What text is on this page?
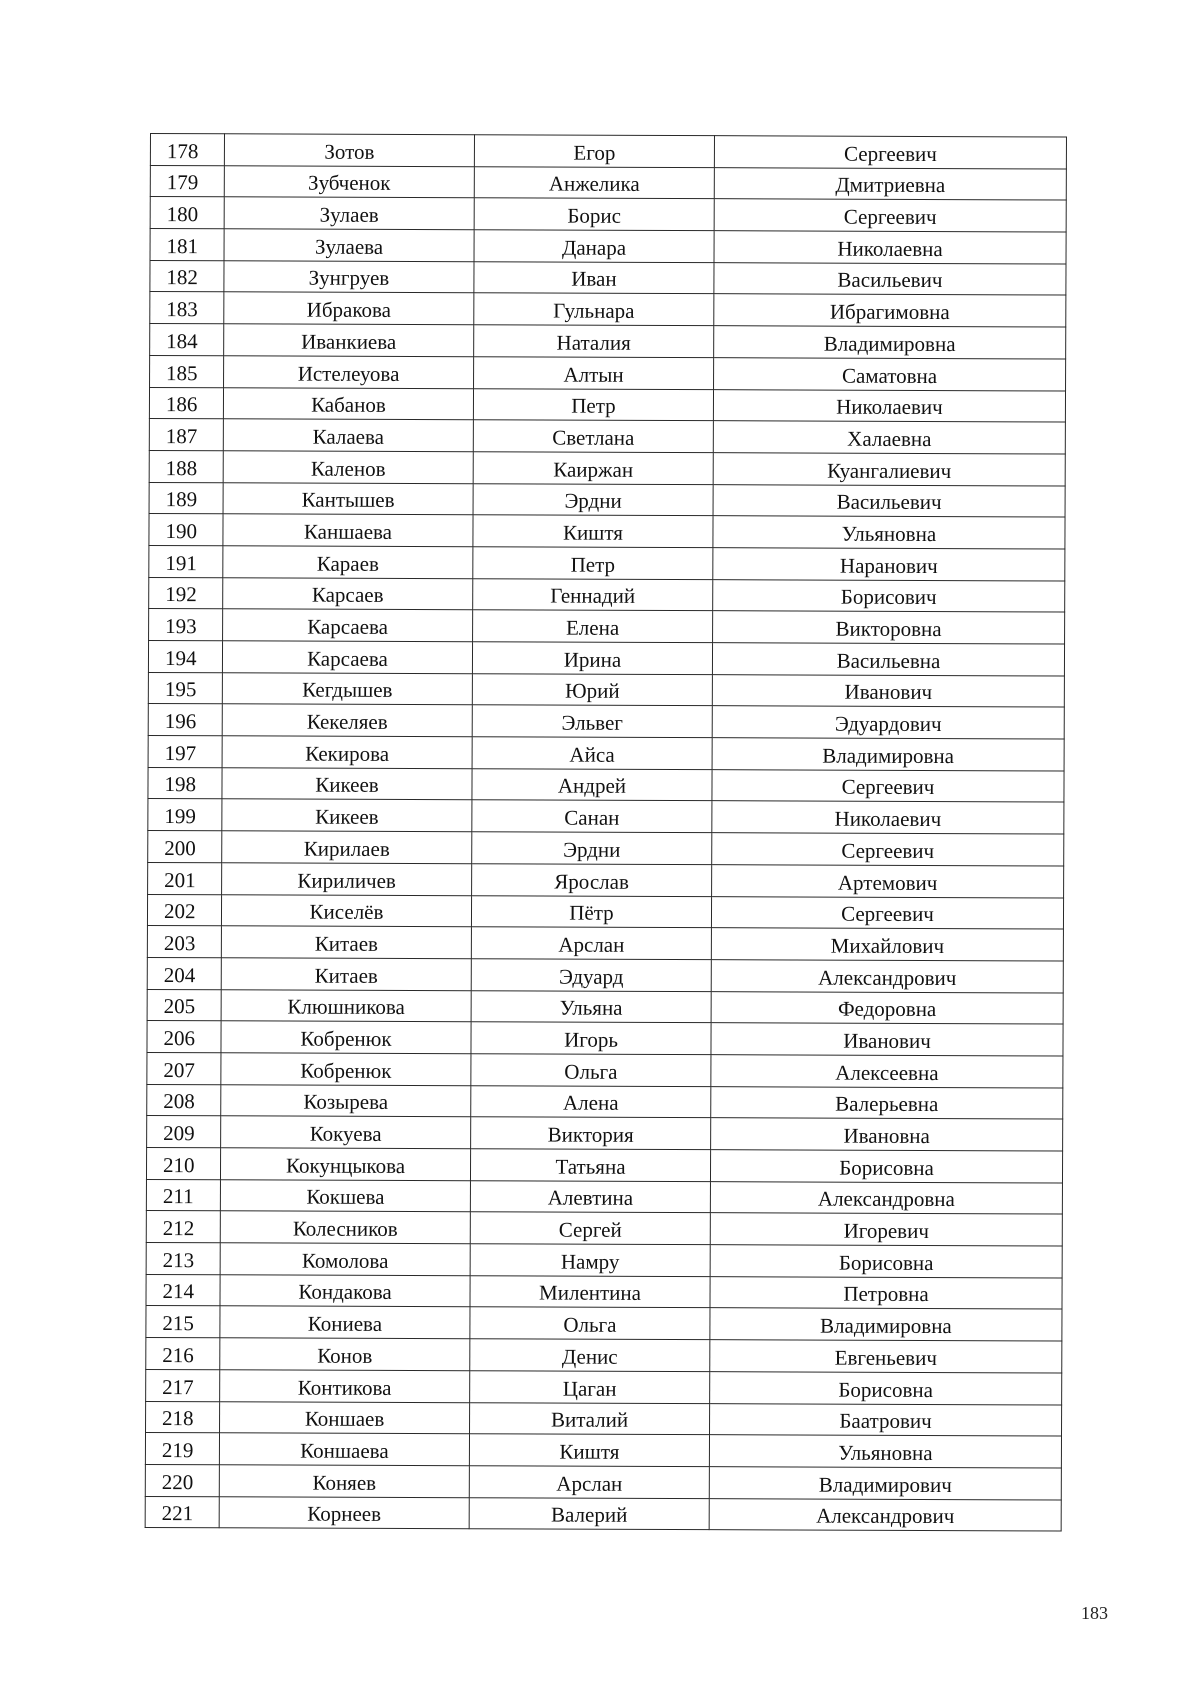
178	Зотов	Егор	Сергеевич
179	Зубченок	Анжелика	Дмитриевна
180	Зулаев	Борис	Сергеевич
181	Зулаева	Данара	Николаевна
182	Зунгруев	Иван	Васильевич
183	Ибракова	Гульнара	Ибрагимовна
184	Иванкиева	Наталия	Владимировна
185	Истелеуова	Алтын	Саматовна
186	Кабанов	Петр	Николаевич
187	Калаева	Светлана	Халаевна
188	Каленов	Каиржан	Куангалиевич
189	Кантышев	Эрдни	Васильевич
190	Каншаева	Киштя	Ульяновна
191	Караев	Петр	Наранович
192	Карсаев	Геннадий	Борисович
193	Карсаева	Елена	Викторовна
194	Карсаева	Ирина	Васильевна
195	Кегдышев	Юрий	Иванович
196	Кекеляев	Эльвег	Эдуардович
197	Кекирова	Айса	Владимировна
198	Кикеев	Андрей	Сергеевич
199	Кикеев	Санан	Николаевич
200	Кирилаев	Эрдни	Сергеевич
201	Кириличев	Ярослав	Артемович
202	Киселёв	Пётр	Сергеевич
203	Китаев	Арслан	Михайлович
204	Китаев	Эдуард	Александрович
205	Клюшникова	Ульяна	Федоровна
206	Кобренюк	Игорь	Иванович
207	Кобренюк	Ольга	Алексеевна
208	Козырева	Алена	Валерьевна
209	Кокуева	Виктория	Ивановна
210	Кокунцыкова	Татьяна	Борисовна
211	Кокшева	Алевтина	Александровна
212	Колесников	Сергей	Игоревич
213	Комолова	Намру	Борисовна
214	Кондакова	Милентина	Петровна
215	Кониева	Ольга	Владимировна
216	Конов	Денис	Евгеньевич
217	Контикова	Цаган	Борисовна
218	Коншаев	Виталий	Баатрович
219	Коншаева	Киштя	Ульяновна
220	Коняев	Арслан	Владимирович
221	Корнеев	Валерий	Александрович
183
